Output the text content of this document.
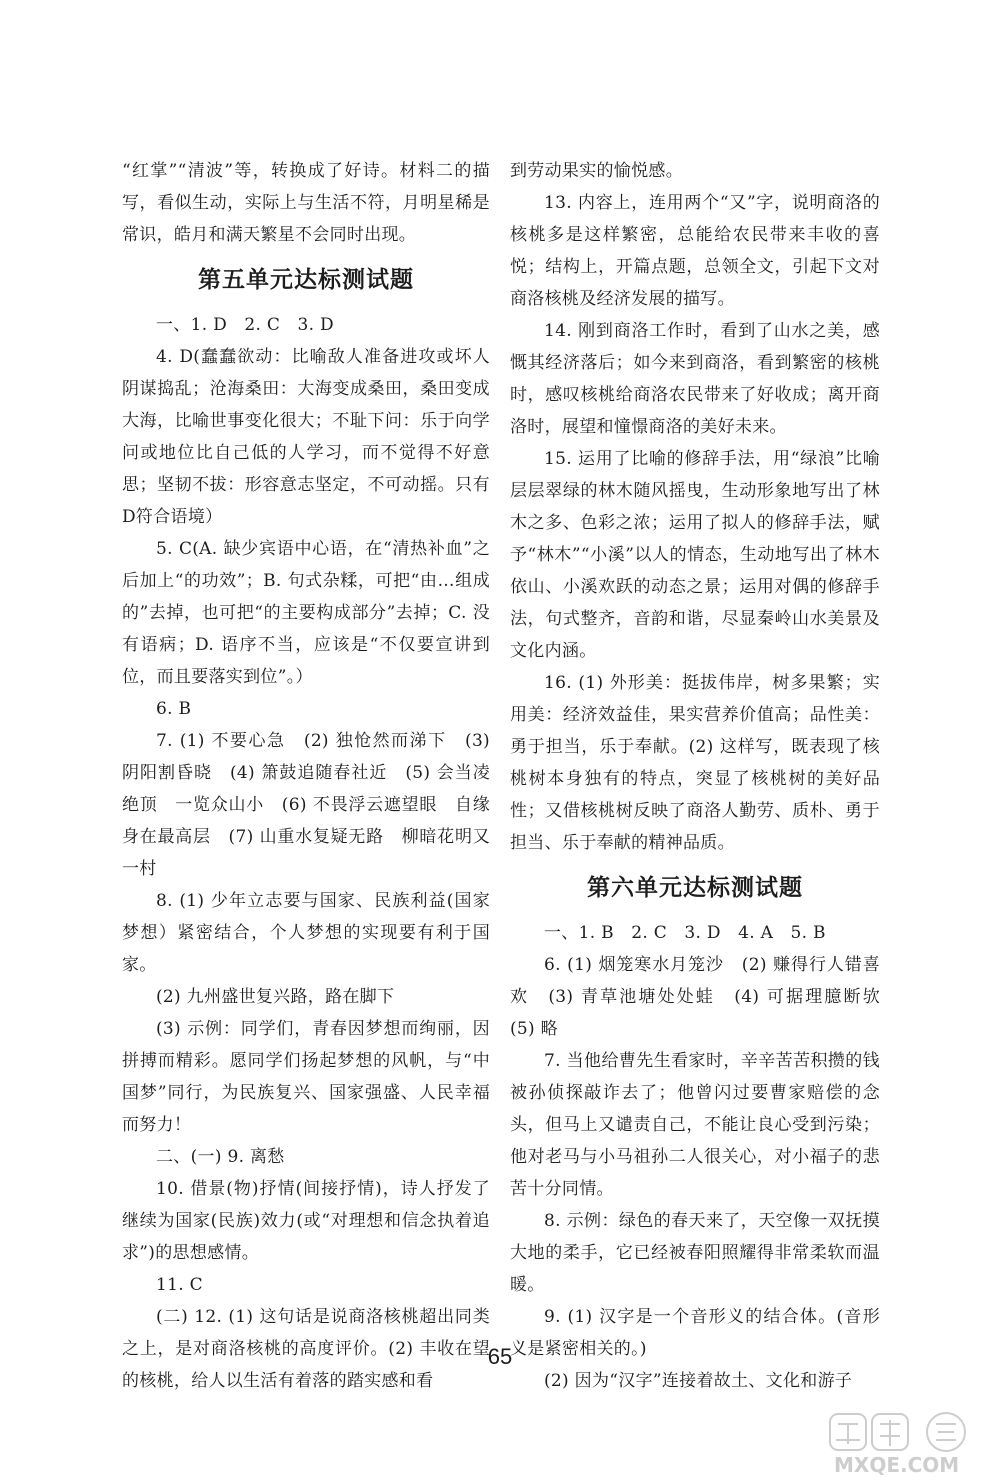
“红掌”“清波”等，转换成了好诗。材料二的描写，看似生动，实际上与生活不符，月明星稀是常识，皓月和满天繁星不会同时出现。

第五单元达标测试题

一、1. D　2. C　3. D

4. D(蠢蠢欲动：比喻敌人准备进攻或坏人阴谋捣乱；沧海桑田：大海变成桑田，桑田变成大海，比喻世事变化很大；不耻下问：乐于向学问或地位比自己低的人学习，而不觉得不好意思；坚韧不拔：形容意志坚定，不可动摇。只有D符合语境）

5. C(A. 缺少宾语中心语，在“清热补血”之后加上“的功效”；B. 句式杂糅，可把“由…组成的”去掉，也可把“的主要构成部分”去掉；C. 没有语病；D. 语序不当，应该是“不仅要宣讲到位，而且要落实到位”。）

6. B

7. (1) 不要心急　(2) 独怆然而涕下　(3) 阴阳割昏晓　(4) 箫鼓追随春社近　(5) 会当凌绝顶　一览众山小　(6) 不畏浮云遮望眼　自缘身在最高层　(7) 山重水复疑无路　柳暗花明又一村

8. (1) 少年立志要与国家、民族利益(国家梦想）紧密结合，个人梦想的实现要有利于国家。

(2) 九州盛世复兴路，路在脚下

(3) 示例：同学们，青春因梦想而绚丽，因拼搏而精彩。愿同学们扬起梦想的风帆，与“中国梦”同行，为民族复兴、国家强盛、人民幸福而努力！

二、(一) 9. 离愁

10. 借景(物)抒情(间接抒情)，诗人抒发了继续为国家(民族)效力(或“对理想和信念执着追求”)的思想感情。

11. C

(二) 12. (1) 这句话是说商洛核桃超出同类之上，是对商洛核桃的高度评价。(2) 丰收在望的核桃，给人以生活有着落的踏实感和看

到劳动果实的愉悦感。

13. 内容上，连用两个“又”字，说明商洛的核桃多是这样繁密，总能给农民带来丰收的喜悦；结构上，开篇点题，总领全文，引起下文对商洛核桃及经济发展的描写。

14. 刚到商洛工作时，看到了山水之美，感慨其经济落后；如今来到商洛，看到繁密的核桃时，感叹核桃给商洛农民带来了好收成；离开商洛时，展望和憧憬商洛的美好未来。

15. 运用了比喻的修辞手法，用“绿浪”比喻层层翠绿的林木随风摇曳，生动形象地写出了林木之多、色彩之浓；运用了拟人的修辞手法，赋予“林木”“小溪”以人的情态，生动地写出了林木依山、小溪欢跃的动态之景；运用对偶的修辞手法，句式整齐，音韵和谐，尽显秦岭山水美景及文化内涵。

16. (1) 外形美：挺拔伟岸，树多果繁；实用美：经济效益佳，果实营养价值高；品性美：勇于担当，乐于奉献。(2) 这样写，既表现了核桃树本身独有的特点，突显了核桃树的美好品性；又借核桃树反映了商洛人勤劳、质朴、勇于担当、乐于奉献的精神品质。

第六单元达标测试题

一、1. B　2. C　3. D　4. A　5. B

6. (1) 烟笼寒水月笼沙　(2) 赚得行人错喜欢　(3) 青草池塘处处蛙　(4) 可据理臆断欤　(5) 略

7. 当他给曹先生看家时，辛辛苦苦积攒的钱被孙侦探敲诈去了；他曾闪过要曹家赔偿的念头，但马上又谴责自己，不能让良心受到污染；他对老马与小马祖孙二人很关心，对小福子的悲苦十分同情。

8. 示例：绿色的春天来了，天空像一双抚摸大地的柔手，它已经被春阳照耀得非常柔软而温暖。

9. (1) 汉字是一个音形义的结合体。(音形义是紧密相关的。)

(2) 因为“汉字”连接着故土、文化和游子

65
MXQE.COM
